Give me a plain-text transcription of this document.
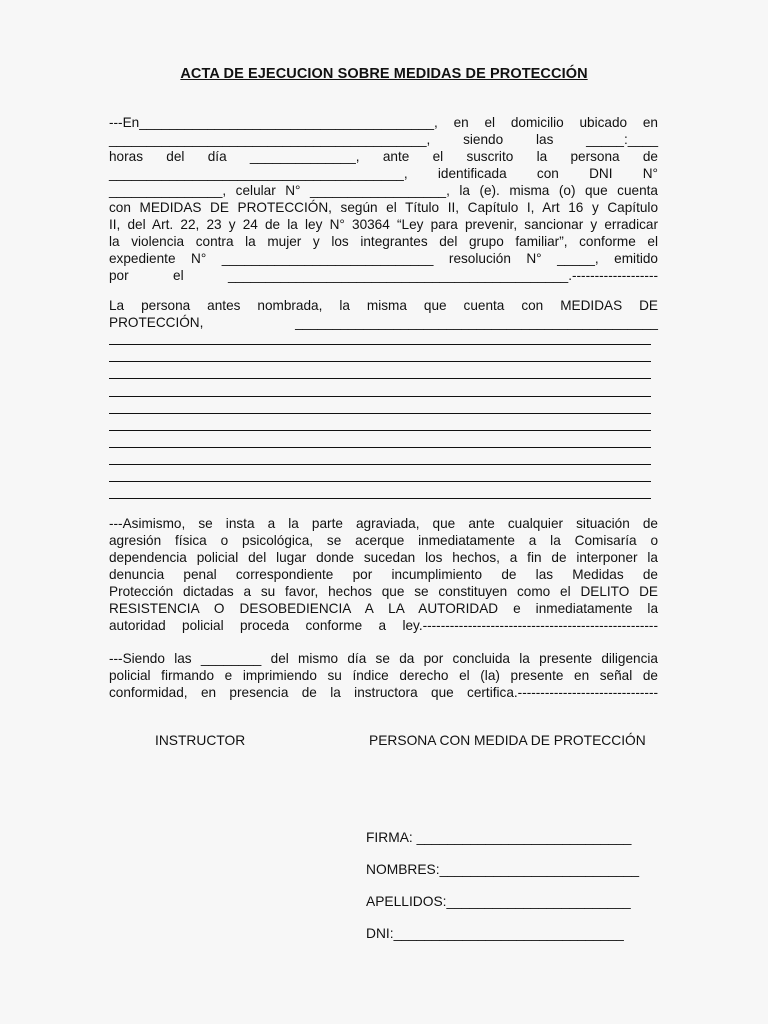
ACTA DE EJECUCION SOBRE MEDIDAS DE PROTECCIÓN
---En_______________________________________, en el domicilio ubicado en
__________________________________________, siendo las _____:____
horas del día ______________, ante el suscrito la persona de
_______________________________________, identificada con DNI N°
_______________, celular N° __________________, la (e). misma (o) que cuenta
con MEDIDAS DE PROTECCIÓN, según el Título II, Capítulo I, Art 16 y Capítulo
II, del Art. 22, 23 y 24 de la ley N° 30364 “Ley para prevenir, sancionar y erradicar
la violencia contra la mujer y los integrantes del grupo familiar”, conforme el
expediente N° ____________________________ resolución N° _____, emitido
por el _____________________________________________.-------------------
La persona antes nombrada, la misma que cuenta con MEDIDAS DE
PROTECCIÓN, ________________________________________________
---Asimismo, se insta a la parte agraviada, que ante cualquier situación de
agresión física o psicológica, se acerque inmediatamente a la Comisaría o
dependencia policial del lugar donde sucedan los hechos, a fin de interponer la
denuncia penal correspondiente por incumplimiento de las Medidas de
Protección dictadas a su favor, hechos que se constituyen como el DELITO DE
RESISTENCIA O DESOBEDIENCIA A LA AUTORIDAD e inmediatamente la
autoridad policial proceda conforme a ley.----------------------------------------------------
---Siendo las ________ del mismo día se da por concluida la presente diligencia
policial firmando e imprimiendo su índice derecho el (la) presente en señal de
conformidad, en presencia de la instructora que certifica.-------------------------------
INSTRUCTOR	PERSONA CON MEDIDA DE PROTECCIÓN
FIRMA: ____________________________
NOMBRES:__________________________
APELLIDOS:________________________
DNI:______________________________
